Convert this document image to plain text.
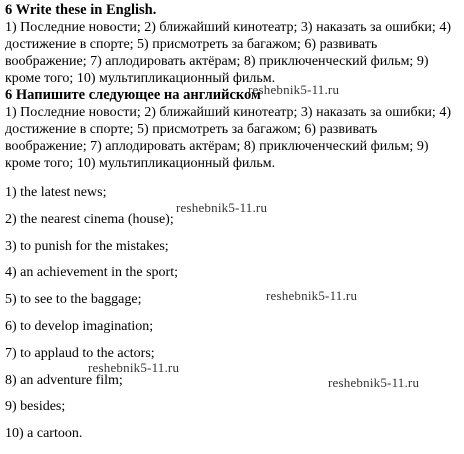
6 Write these in English.

1) Последние новости; 2) ближайший кинотеатр; 3) наказать за ошибки; 4) достижение в спорте; 5) присмотреть за багажом; 6) развивать воображение; 7) аплодировать актёрам; 8) приключенческий фильм; 9) кроме того; 10) мультипликационный фильм.

6 Напишите следующее на английском

1) Последние новости; 2) ближайший кинотеатр; 3) наказать за ошибки; 4) достижение в спорте; 5) присмотреть за багажом; 6) развивать воображение; 7) аплодировать актёрам; 8) приключенческий фильм; 9) кроме того; 10) мультипликационный фильм.

1) the latest news;

2) the nearest cinema (house);

3) to punish for the mistakes;

4) an achievement in the sport;

5) to see to the baggage;

6) to develop imagination;

7) to applaud to the actors;

8) an adventure film;

9) besides;

10) a cartoon.

reshebnik5-11.ru
reshebnik5-11.ru
reshebnik5-11.ru
reshebnik5-11.ru
reshebnik5-11.ru
